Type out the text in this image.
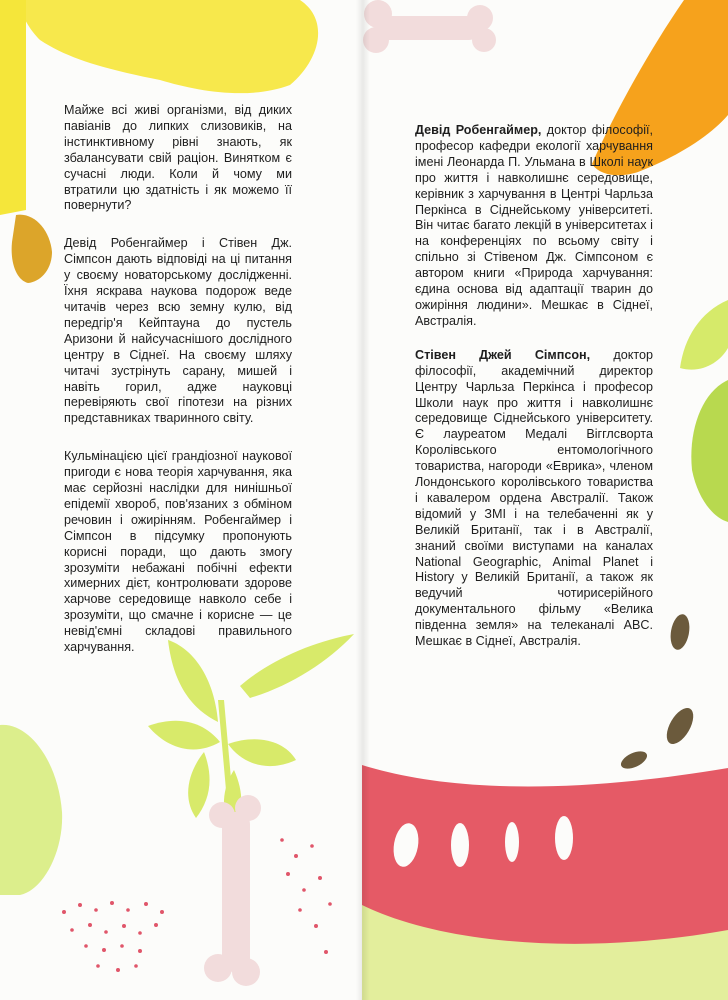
Майже всі живі організми, від диких павіанів до липких слизовиків, на інстинктивному рівні знають, як збалансувати свій раціон. Винятком є сучасні люди. Коли й чому ми втратили цю здатність і як можемо її повернути?

Девід Робенгаймер і Стівен Дж. Сімпсон дають відповіді на ці питання у своєму новаторському дослідженні. Їхня яскрава наукова подорож веде читачів через всю земну кулю, від передгір'я Кейптауна до пустель Аризони й найсучаснішого дослідного центру в Сіднеї. На своєму шляху читачі зустрінуть сарану, мишей і навіть горил, адже науковці перевіряють свої гіпотези на різних представниках тваринного світу.

Кульмінацією цієї грандіозної наукової пригоди є нова теорія харчування, яка має серйозні наслідки для нинішньої епідемії хвороб, пов'язаних з обміном речовин і ожирінням. Робенгаймер і Сімпсон в підсумку пропонують корисні поради, що дають змогу зрозуміти небажані побічні ефекти химерних дієт, контролювати здорове харчове середовище навколо себе і зрозуміти, що смачне і корисне — це невід'ємні складові правильного харчування.

Девід Робенгаймер, доктор філософії, професор кафедри екології харчування імені Леонарда П. Ульмана в Школі наук про життя і навколишнє середовище, керівник з харчування в Центрі Чарльза Перкінса в Сіднейському університеті. Він читає багато лекцій в університетах і на конференціях по всьому світу і спільно зі Стівеном Дж. Сімпсоном є автором книги «Природа харчування: єдина основа від адаптації тварин до ожиріння людини». Мешкає в Сіднеї, Австралія.

Стівен Джей Сімпсон, доктор філософії, академічний директор Центру Чарльза Перкінса і професор Школи наук про життя і навколишнє середовище Сіднейського університету. Є лауреатом Медалі Вігглсворта Королівського ентомологічного товариства, нагороди «Еврика», членом Лондонського королівського товариства і кавалером ордена Австралії. Також відомий у ЗМІ і на телебаченні як у Великій Британії, так і в Австралії, знаний своїми виступами на каналах National Geographic, Animal Planet і History у Великій Британії, а також як ведучий чотирисерійного документального фільму «Велика південна земля» на телеканалі ABC. Мешкає в Сіднеї, Австралія.
